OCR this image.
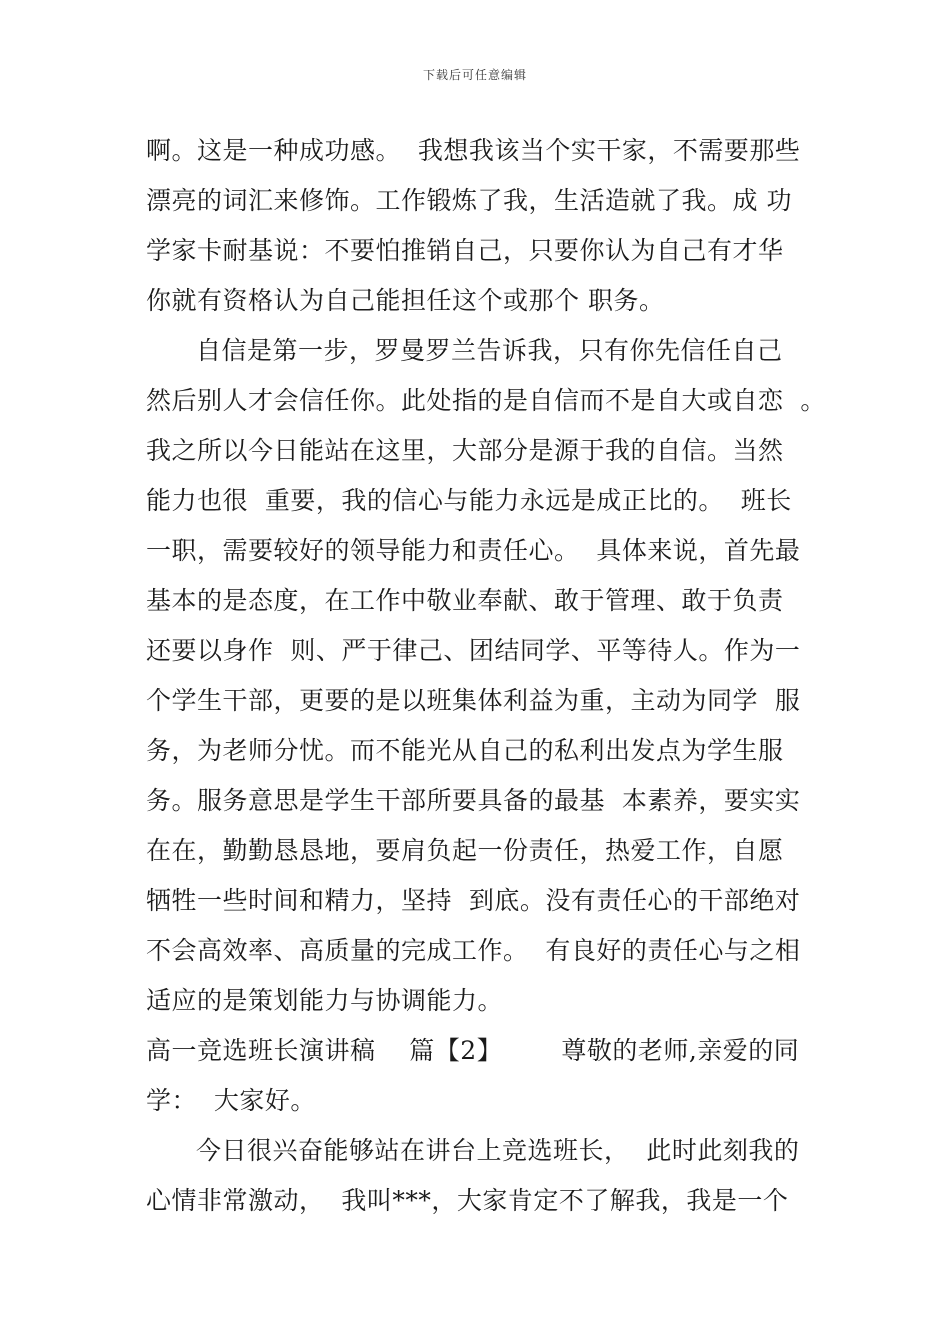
下载后可任意编辑
啊。这是一种成功感。  我想我该当个实干家，不需要那些
漂亮的词汇来修饰。工作锻炼了我，生活造就了我。成 功
学家卡耐基说：不要怕推销自己，只要你认为自己有才华
你就有资格认为自己能担任这个或那个 职务。
自信是第一步，罗曼罗兰告诉我，只有你先信任自己
然后别人才会信任你。此处指的是自信而不是自大或自恋  。
我之所以今日能站在这里，大部分是源于我的自信。当然
能力也很  重要，我的信心与能力永远是成正比的。  班长
一职，需要较好的领导能力和责任心。  具体来说，首先最
基本的是态度，在工作中敬业奉献、敢于管理、敢于负责
还要以身作  则、严于律己、团结同学、平等待人。作为一
个学生干部，更要的是以班集体利益为重，主动为同学  服
务，为老师分忧。而不能光从自己的私利出发点为学生服
务。服务意思是学生干部所要具备的最基  本素养，要实实
在在，勤勤恳恳地，要肩负起一份责任，热爱工作，自愿
牺牲一些时间和精力，坚持  到底。没有责任心的干部绝对
不会高效率、高质量的完成工作。  有良好的责任心与之相
适应的是策划能力与协调能力。
高一竞选班长演讲稿    篇【2】       尊敬的老师,亲爱的同
学：  大家好。
今日很兴奋能够站在讲台上竞选班长，  此时此刻我的
心情非常激动，  我叫***，大家肯定不了解我，我是一个
